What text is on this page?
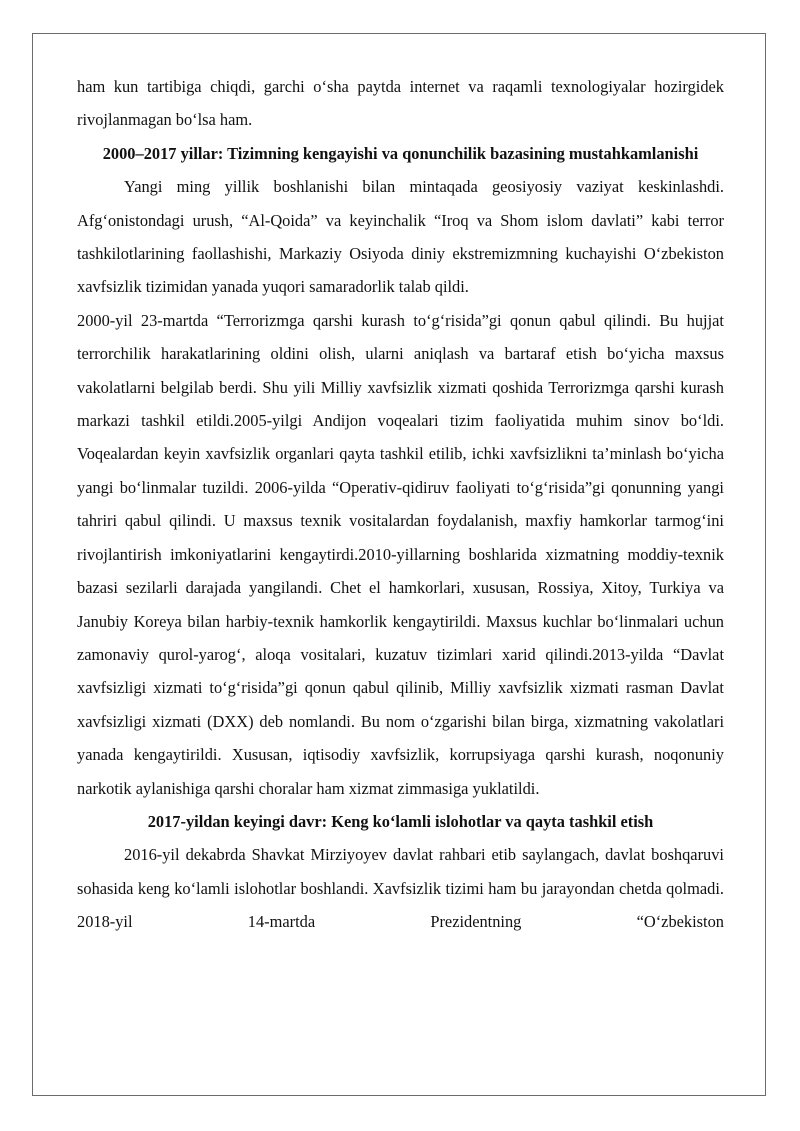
ham kun tartibiga chiqdi, garchi o‘sha paytda internet va raqamli texnologiyalar hozirgidek rivojlanmagan bo‘lsa ham.

2000–2017 yillar: Tizimning kengayishi va qonunchilik bazasining mustahkamlanishi

Yangi ming yillik boshlanishi bilan mintaqada geosiyosiy vaziyat keskinlashdi. Afg‘onistondagi urush, “Al-Qoida” va keyinchalik “Iroq va Shom islom davlati” kabi terror tashkilotlarining faollashishi, Markaziy Osiyoda diniy ekstremizmning kuchayishi O‘zbekiston xavfsizlik tizimidan yanada yuqori samaradorlik talab qildi.

2000-yil 23-martda “Terrorizmga qarshi kurash to‘g‘risida”gi qonun qabul qilindi. Bu hujjat terrorchilik harakatlarining oldini olish, ularni aniqlash va bartaraf etish bo‘yicha maxsus vakolatlarni belgilab berdi. Shu yili Milliy xavfsizlik xizmati qoshida Terrorizmga qarshi kurash markazi tashkil etildi.2005-yilgi Andijon voqealari tizim faoliyatida muhim sinov bo‘ldi. Voqealardan keyin xavfsizlik organlari qayta tashkil etilib, ichki xavfsizlikni ta’minlash bo‘yicha yangi bo‘linmalar tuzildi. 2006-yilda “Operativ-qidiruv faoliyati to‘g‘risida”gi qonunning yangi tahriri qabul qilindi. U maxsus texnik vositalardan foydalanish, maxfiy hamkorlar tarmog‘ini rivojlantirish imkoniyatlarini kengaytirdi.2010-yillarning boshlarida xizmatning moddiy-texnik bazasi sezilarli darajada yangilandi. Chet el hamkorlari, xususan, Rossiya, Xitoy, Turkiya va Janubiy Koreya bilan harbiy-texnik hamkorlik kengaytirildi. Maxsus kuchlar bo‘linmalari uchun zamonaviy qurol-yarog‘, aloqa vositalari, kuzatuv tizimlari xarid qilindi.2013-yilda “Davlat xavfsizligi xizmati to‘g‘risida”gi qonun qabul qilinib, Milliy xavfsizlik xizmati rasman Davlat xavfsizligi xizmati (DXX) deb nomlandi. Bu nom o‘zgarishi bilan birga, xizmatning vakolatlari yanada kengaytirildi. Xususan, iqtisodiy xavfsizlik, korrupsiyaga qarshi kurash, noqonuniy narkotik aylanishiga qarshi choralar ham xizmat zimmasiga yuklatildi.

2017-yildan keyingi davr: Keng ko‘lamli islohotlar va qayta tashkil etish

2016-yil dekabrda Shavkat Mirziyoyev davlat rahbari etib saylangach, davlat boshqaruvi sohasida keng ko‘lamli islohotlar boshlandi. Xavfsizlik tizimi ham bu jarayondan chetda qolmadi. 2018-yil 14-martda Prezidentning “O‘zbekiston
